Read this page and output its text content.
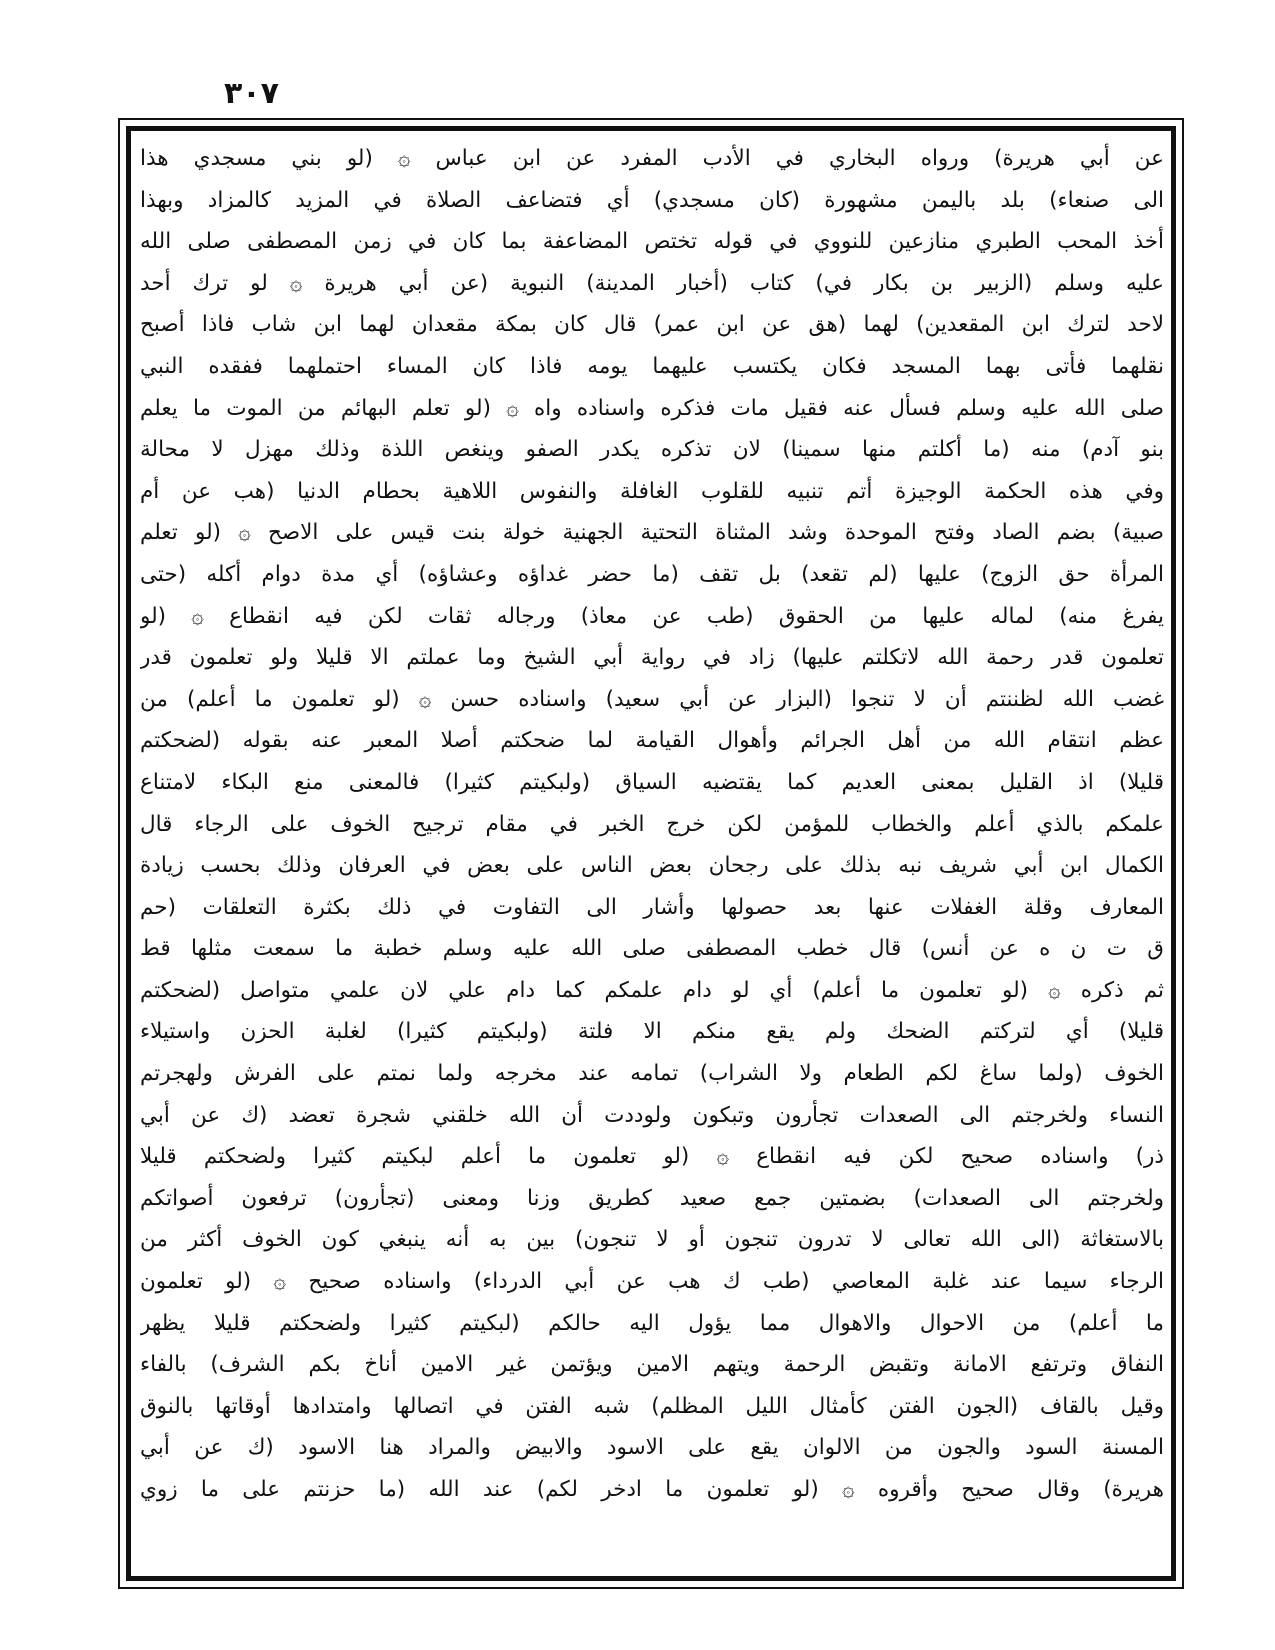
٣٠٧
عن أبي هريرة) ورواه البخاري في الأدب المفرد عن ابن عباس ۞ (لو بني مسجدي هذا
الى صنعاء) بلد باليمن مشهورة (كان مسجدي) أي فتضاعف الصلاة في المزيد كالمزاد وبهذا
أخذ المحب الطبري منازعين للنووي في قوله تختص المضاعفة بما كان في زمن المصطفى صلى الله
عليه وسلم (الزبير بن بكار في) كتاب (أخبار المدينة) النبوية (عن أبي هريرة ۞ لو ترك أحد
لاحد لترك ابن المقعدين) لهما (هق عن ابن عمر) قال كان بمكة مقعدان لهما ابن شاب فاذا أصبح
نقلهما فأتى بهما المسجد فكان يكتسب عليهما يومه فاذا كان المساء احتملهما ففقده النبي
صلى الله عليه وسلم فسأل عنه فقيل مات فذكره واسناده واه ۞ (لو تعلم البهائم من الموت ما يعلم
بنو آدم) منه (ما أكلتم منها سمينا) لان تذكره يكدر الصفو وينغص اللذة وذلك مهزل لا محالة
وفي هذه الحكمة الوجيزة أتم تنبيه للقلوب الغافلة والنفوس اللاهية بحطام الدنيا (هب عن أم
صبية) بضم الصاد وفتح الموحدة وشد المثناة التحتية الجهنية خولة بنت قيس على الاصح ۞ (لو تعلم
المرأة حق الزوج) عليها (لم تقعد) بل تقف (ما حضر غداؤه وعشاؤه) أي مدة دوام أكله (حتى
يفرغ منه) لماله عليها من الحقوق (طب عن معاذ) ورجاله ثقات لكن فيه انقطاع ۞ (لو
تعلمون قدر رحمة الله لاتكلتم عليها) زاد في رواية أبي الشيخ وما عملتم الا قليلا ولو تعلمون قدر
غضب الله لظننتم أن لا تنجوا (البزار عن أبي سعيد) واسناده حسن ۞ (لو تعلمون ما أعلم) من
عظم انتقام الله من أهل الجرائم وأهوال القيامة لما ضحكتم أصلا المعبر عنه بقوله (لضحكتم
قليلا) اذ القليل بمعنى العديم كما يقتضيه السياق (ولبكيتم كثيرا) فالمعنى منع البكاء لامتناع
علمكم بالذي أعلم والخطاب للمؤمن لكن خرج الخبر في مقام ترجيح الخوف على الرجاء قال
الكمال ابن أبي شريف نبه بذلك على رجحان بعض الناس على بعض في العرفان وذلك بحسب زيادة
المعارف وقلة الغفلات عنها بعد حصولها وأشار الى التفاوت في ذلك بكثرة التعلقات (حم
ق ت ن ه عن أنس) قال خطب المصطفى صلى الله عليه وسلم خطبة ما سمعت مثلها قط
ثم ذكره ۞ (لو تعلمون ما أعلم) أي لو دام علمكم كما دام علي لان علمي متواصل (لضحكتم
قليلا) أي لتركتم الضحك ولم يقع منكم الا فلتة (ولبكيتم كثيرا) لغلبة الحزن واستيلاء
الخوف (ولما ساغ لكم الطعام ولا الشراب) تمامه عند مخرجه ولما نمتم على الفرش ولهجرتم
النساء ولخرجتم الى الصعدات تجأرون وتبكون ولوددت أن الله خلقني شجرة تعضد (ك عن أبي
ذر) واسناده صحيح لكن فيه انقطاع ۞ (لو تعلمون ما أعلم لبكيتم كثيرا ولضحكتم قليلا
ولخرجتم الى الصعدات) بضمتين جمع صعيد كطريق وزنا ومعنى (تجأرون) ترفعون أصواتكم
بالاستغاثة (الى الله تعالى لا تدرون تنجون أو لا تنجون) بين به أنه ينبغي كون الخوف أكثر من
الرجاء سيما عند غلبة المعاصي (طب ك هب عن أبي الدرداء) واسناده صحيح ۞ (لو تعلمون
ما أعلم) من الاحوال والاهوال مما يؤول اليه حالكم (لبكيتم كثيرا ولضحكتم قليلا يظهر
النفاق وترتفع الامانة وتقبض الرحمة ويتهم الامين ويؤتمن غير الامين أناخ بكم الشرف) بالفاء
وقيل بالقاف (الجون الفتن كأمثال الليل المظلم) شبه الفتن في اتصالها وامتدادها أوقاتها بالنوق
المسنة السود والجون من الالوان يقع على الاسود والابيض والمراد هنا الاسود (ك عن أبي
هريرة) وقال صحيح وأقروه ۞ (لو تعلمون ما ادخر لكم) عند الله (ما حزنتم على ما زوي
